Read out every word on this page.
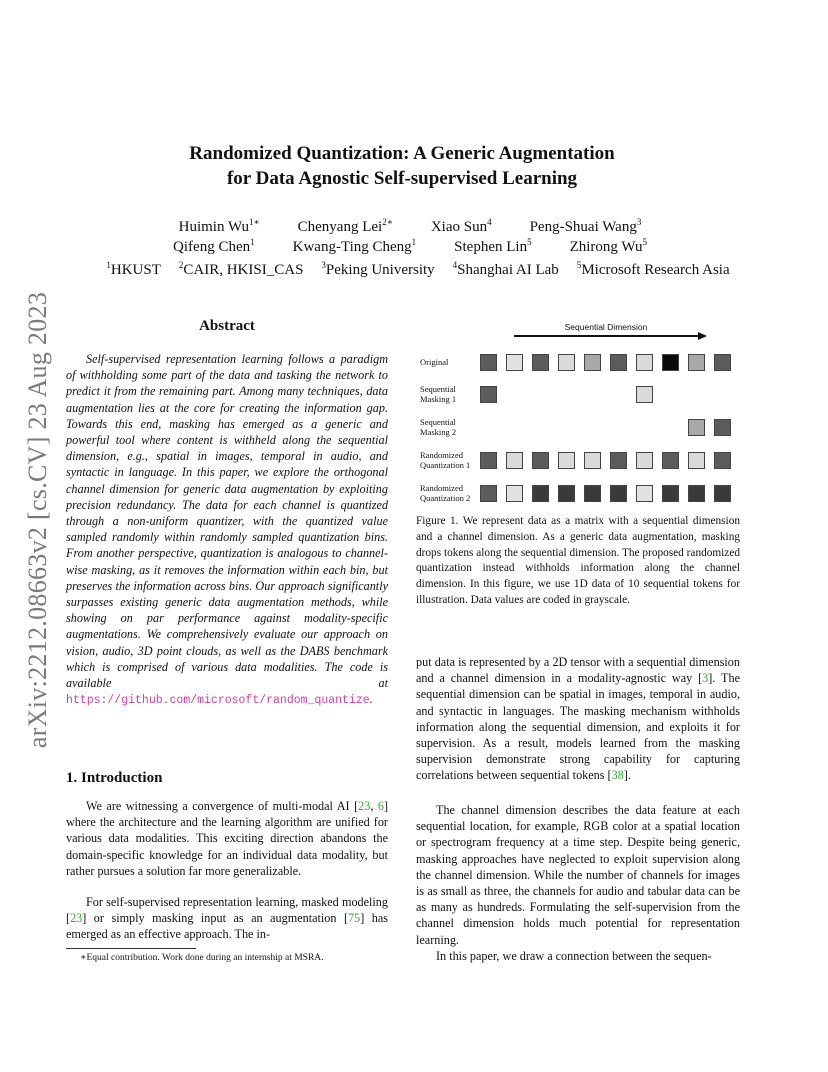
arXiv:2212.08663v2 [cs.CV] 23 Aug 2023
Randomized Quantization: A Generic Augmentation
for Data Agnostic Self-supervised Learning
Huimin $Wu^{1∗}$	Chenyang Lei$^{2∗}$	Xiao Sun$^4$	Peng-Shuai Wang$^3$
Qifeng Chen$^1$	Kwang-Ting Cheng$^1$	Stephen Lin$^5$	Zhirong Wu$^5$
$^1$HKUST $^2$CAIR, HKISI_CAS $^3$Peking University $^4$Shanghai AI Lab $^5$Microsoft Research Asia
Abstract

Self-supervised representation learning follows a paradigm of withholding some part of the data and tasking the network to predict it from the remaining part. Among many techniques, data augmentation lies at the core for creating the information gap. Towards this end, masking has emerged as a generic and powerful tool where content is withheld along the sequential dimension, e.g., spatial in images, temporal in audio, and syntactic in language. In this paper, we explore the orthogonal channel dimension for generic data augmentation by exploiting precision redundancy. The data for each channel is quantized through a non-uniform quantizer, with the quantized value sampled randomly within randomly sampled quantization bins. From another perspective, quantization is analogous to channel-wise masking, as it removes the information within each bin, but preserves the information across bins. Our approach significantly surpasses existing generic data augmentation methods, while showing on par performance against modality-specific augmentations. We comprehensively evaluate our approach on vision, audio, 3D point clouds, as well as the DABS benchmark which is comprised of various data modalities. The code is available at https://github.com/microsoft/random_quantize.

1. Introduction

We are witnessing a convergence of multi-modal AI [23, 6] where the architecture and the learning algorithm are unified for various data modalities. This exciting direction abandons the domain-specific knowledge for an individual data modality, but rather pursues a solution far more generalizable.

For self-supervised representation learning, masked modeling [23] or simply masking input as an augmentation [75] has emerged as an effective approach. The in-

∗Equal contribution. Work done during an internship at MSRA.
Sequential Dimension
Original
Sequential
Masking 1
Sequential
Masking 2
Randomized
Quantization 1
Randomized
Quantization 2

Figure 1. We represent data as a matrix with a sequential dimension and a channel dimension. As a generic data augmentation, masking drops tokens along the sequential dimension. The proposed randomized quantization instead withholds information along the channel dimension. In this figure, we use 1D data of 10 sequential tokens for illustration. Data values are coded in grayscale.

put data is represented by a 2D tensor with a sequential dimension and a channel dimension in a modality-agnostic way [3]. The sequential dimension can be spatial in images, temporal in audio, and syntactic in languages. The masking mechanism withholds information along the sequential dimension, and exploits it for supervision. As a result, models learned from the masking supervision demonstrate strong capability for capturing correlations between sequential tokens [38].

The channel dimension describes the data feature at each sequential location, for example, RGB color at a spatial location or spectrogram frequency at a time step. Despite being generic, masking approaches have neglected to exploit supervision along the channel dimension. While the number of channels for images is as small as three, the channels for audio and tabular data can be as many as hundreds. Formulating the self-supervision from the channel dimension holds much potential for representation learning.

In this paper, we draw a connection between the sequen-
